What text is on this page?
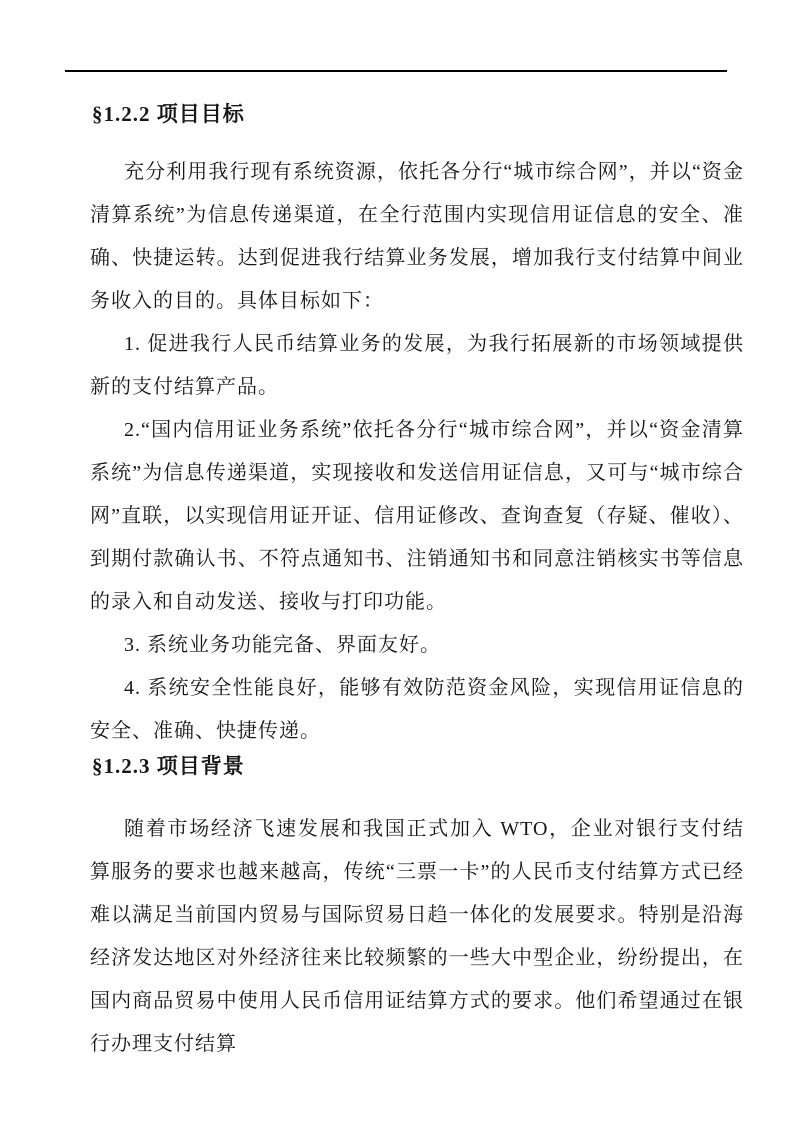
§1.2.2 项目目标

充分利用我行现有系统资源，依托各分行“城市综合网”，并以“资金清算系统”为信息传递渠道，在全行范围内实现信用证信息的安全、准确、快捷运转。达到促进我行结算业务发展，增加我行支付结算中间业务收入的目的。具体目标如下：

1. 促进我行人民币结算业务的发展，为我行拓展新的市场领域提供新的支付结算产品。

2.“国内信用证业务系统”依托各分行“城市综合网”，并以“资金清算系统”为信息传递渠道，实现接收和发送信用证信息，又可与“城市综合网”直联，以实现信用证开证、信用证修改、查询查复（存疑、催收）、到期付款确认书、不符点通知书、注销通知书和同意注销核实书等信息的录入和自动发送、接收与打印功能。

3. 系统业务功能完备、界面友好。

4. 系统安全性能良好，能够有效防范资金风险，实现信用证信息的安全、准确、快捷传递。

§1.2.3 项目背景

随着市场经济飞速发展和我国正式加入 WTO，企业对银行支付结算服务的要求也越来越高，传统“三票一卡”的人民币支付结算方式已经难以满足当前国内贸易与国际贸易日趋一体化的发展要求。特别是沿海经济发达地区对外经济往来比较频繁的一些大中型企业，纷纷提出，在国内商品贸易中使用人民币信用证结算方式的要求。他们希望通过在银行办理支付结算
